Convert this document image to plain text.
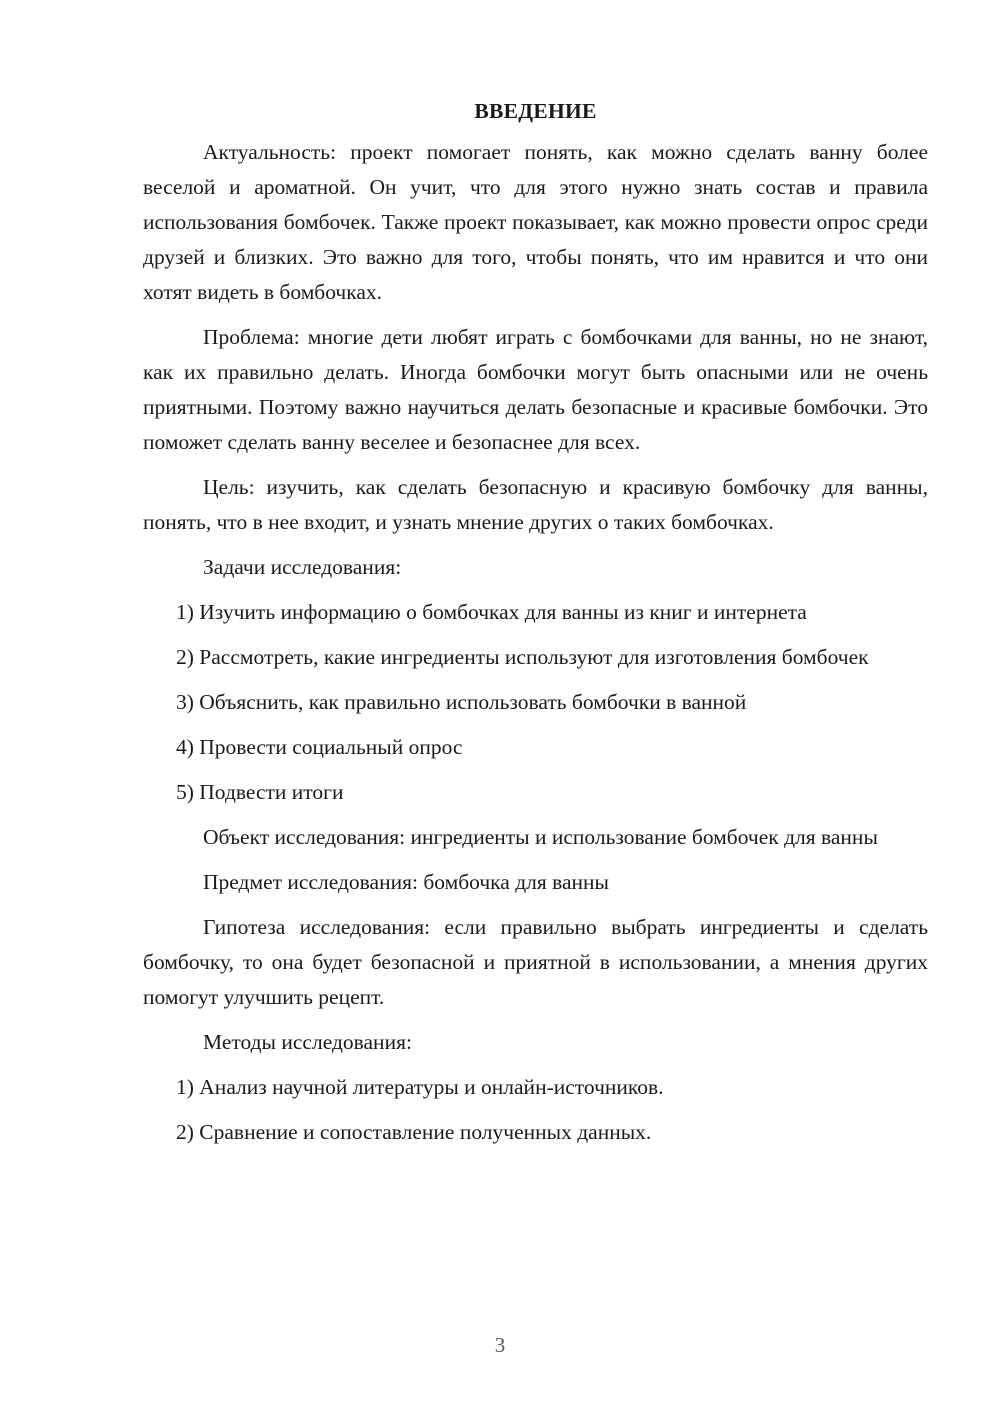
ВВЕДЕНИЕ

Актуальность: проект помогает понять, как можно сделать ванну более веселой и ароматной. Он учит, что для этого нужно знать состав и правила использования бомбочек. Также проект показывает, как можно провести опрос среди друзей и близких. Это важно для того, чтобы понять, что им нравится и что они хотят видеть в бомбочках.

Проблема: многие дети любят играть с бомбочками для ванны, но не знают, как их правильно делать. Иногда бомбочки могут быть опасными или не очень приятными. Поэтому важно научиться делать безопасные и красивые бомбочки. Это поможет сделать ванну веселее и безопаснее для всех.

Цель: изучить, как сделать безопасную и красивую бомбочку для ванны, понять, что в нее входит, и узнать мнение других о таких бомбочках.

Задачи исследования:

1) Изучить информацию о бомбочках для ванны из книг и интернета

2) Рассмотреть, какие ингредиенты используют для изготовления бомбочек

3) Объяснить, как правильно использовать бомбочки в ванной

4) Провести социальный опрос

5) Подвести итоги

Объект исследования: ингредиенты и использование бомбочек для ванны

Предмет исследования: бомбочка для ванны

Гипотеза исследования: если правильно выбрать ингредиенты и сделать бомбочку, то она будет безопасной и приятной в использовании, а мнения других помогут улучшить рецепт.

Методы исследования:

1) Анализ научной литературы и онлайн-источников.

2) Сравнение и сопоставление полученных данных.

3
